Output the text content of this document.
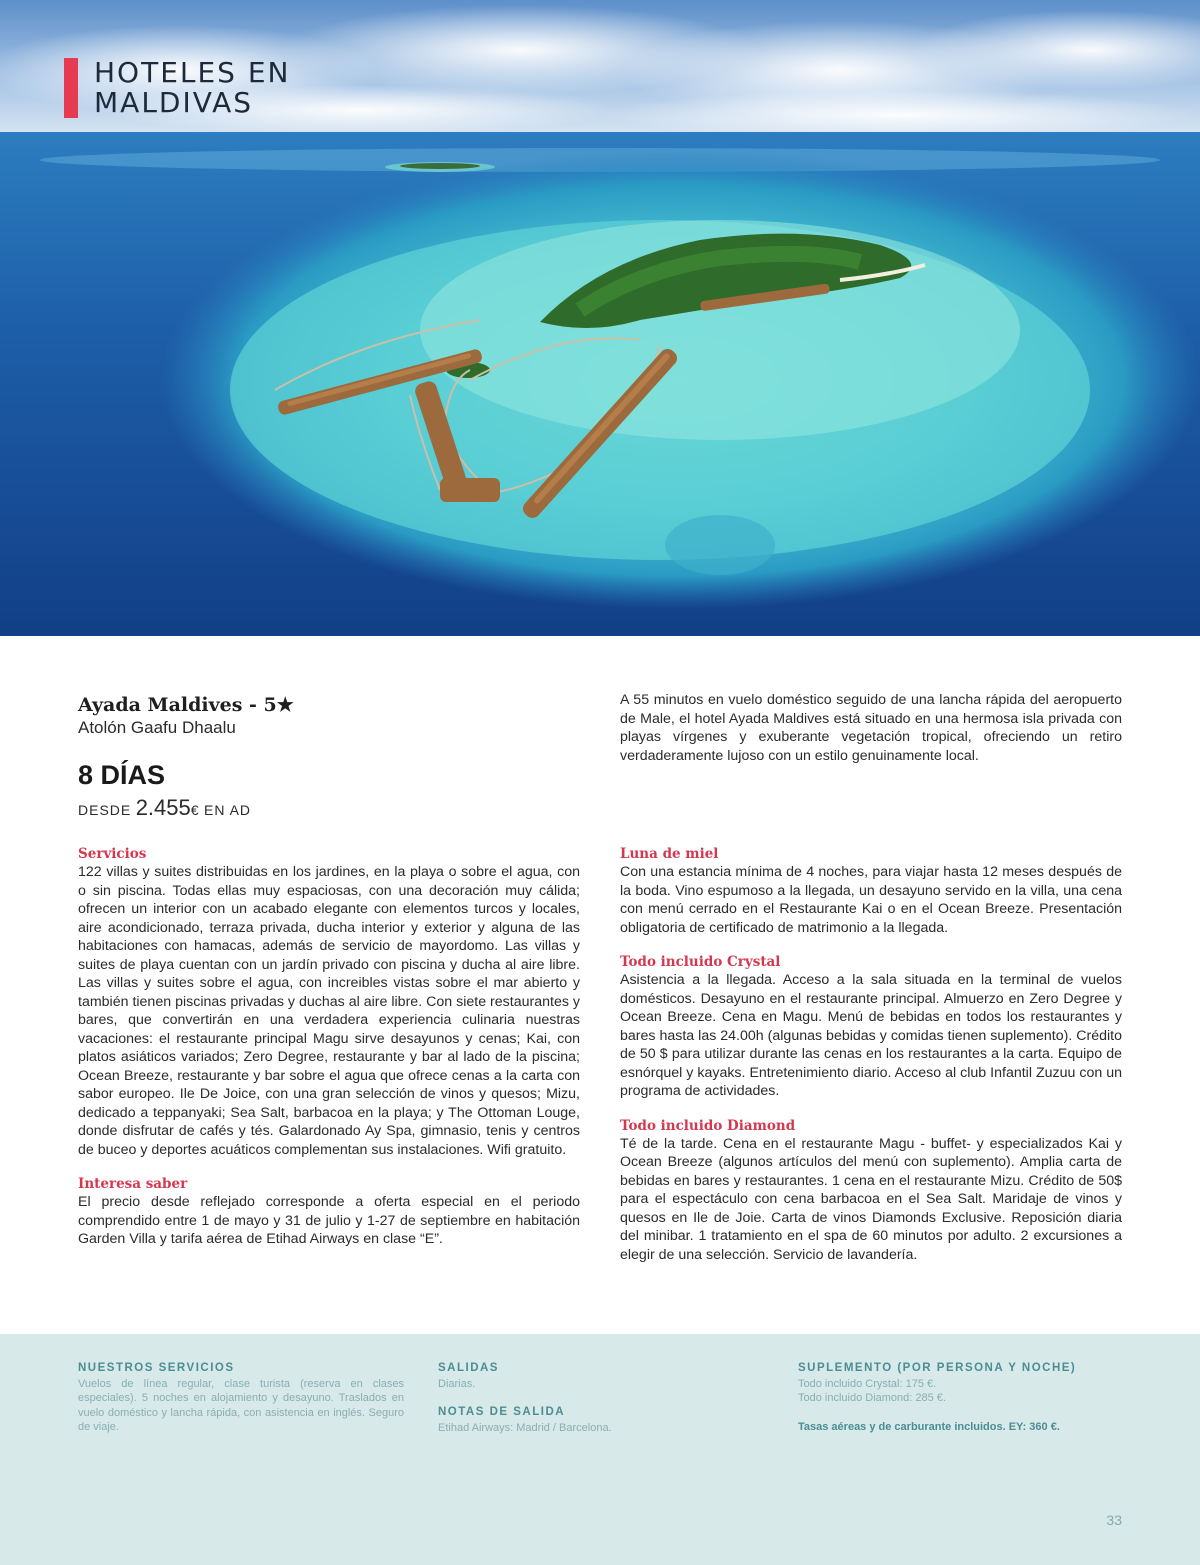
HOTELES EN
MALDIVAS
Ayada Maldives - 5★
Atolón Gaafu Dhaalu
8 DÍAS
DESDE 2.455€ EN AD
A 55 minutos en vuelo doméstico seguido de una lancha rápida del aeropuerto de Male, el hotel Ayada Maldives está situado en una hermosa isla privada con playas vírgenes y exuberante vegetación tropical, ofreciendo un retiro verdaderamente lujoso con un estilo genuinamente local.
Servicios
122 villas y suites distribuidas en los jardines, en la playa o sobre el agua, con o sin piscina. Todas ellas muy espaciosas, con una decoración muy cálida; ofrecen un interior con un acabado elegante con elementos turcos y locales, aire acondicionado, terraza privada, ducha interior y exterior y alguna de las habitaciones con hamacas, además de servicio de mayordomo. Las villas y suites de playa cuentan con un jardín privado con piscina y ducha al aire libre. Las villas y suites sobre el agua, con increibles vistas sobre el mar abierto y también tienen piscinas privadas y duchas al aire libre. Con siete restaurantes y bares, que convertirán en una verdadera experiencia culinaria nuestras vacaciones: el restaurante principal Magu sirve desayunos y cenas; Kai, con platos asiáticos variados; Zero Degree, restaurante y bar al lado de la piscina; Ocean Breeze, restaurante y bar sobre el agua que ofrece cenas a la carta con sabor europeo. Ile De Joice, con una gran selección de vinos y quesos; Mizu, dedicado a teppanyaki; Sea Salt, barbacoa en la playa; y The Ottoman Louge, donde disfrutar de cafés y tés. Galardonado Ay Spa, gimnasio, tenis y centros de buceo y deportes acuáticos complementan sus instalaciones. Wifi gratuito.
Interesa saber
El precio desde reflejado corresponde a oferta especial en el periodo comprendido entre 1 de mayo y 31 de julio y 1-27 de septiembre en habitación Garden Villa y tarifa aérea de Etihad Airways en clase “E”.
Luna de miel
Con una estancia mínima de 4 noches, para viajar hasta 12 meses después de la boda. Vino espumoso a la llegada, un desayuno servido en la villa, una cena con menú cerrado en el Restaurante Kai o en el Ocean Breeze. Presentación obligatoria de certificado de matrimonio a la llegada.
Todo incluido Crystal
Asistencia a la llegada. Acceso a la sala situada en la terminal de vuelos domésticos. Desayuno en el restaurante principal. Almuerzo en Zero Degree y Ocean Breeze. Cena en Magu. Menú de bebidas en todos los restaurantes y bares hasta las 24.00h (algunas bebidas y comidas tienen suplemento). Crédito de 50 $ para utilizar durante las cenas en los restaurantes a la carta. Equipo de esnórquel y kayaks. Entretenimiento diario. Acceso al club Infantil Zuzuu con un programa de actividades.
Todo incluido Diamond
Té de la tarde. Cena en el restaurante Magu - buffet- y especializados Kai y Ocean Breeze (algunos artículos del menú con suplemento). Amplia carta de bebidas en bares y restaurantes. 1 cena en el restaurante Mizu. Crédito de 50$ para el espectáculo con cena barbacoa en el Sea Salt. Maridaje de vinos y quesos en Ile de Joie. Carta de vinos Diamonds Exclusive. Reposición diaria del minibar. 1 tratamiento en el spa de 60 minutos por adulto. 2 excursiones a elegir de una selección. Servicio de lavandería.
NUESTROS SERVICIOS
Vuelos de línea regular, clase turista (reserva en clases especiales). 5 noches en alojamiento y desayuno. Traslados en vuelo doméstico y lancha rápida, con asistencia en inglés. Seguro de viaje.
SALIDAS
Diarias.
NOTAS DE SALIDA
Etihad Airways: Madrid / Barcelona.
SUPLEMENTO (POR PERSONA Y NOCHE)
Todo incluido Crystal: 175 €.
Todo incluido Diamond: 285 €.
Tasas aéreas y de carburante incluidos. EY: 360 €.
33
